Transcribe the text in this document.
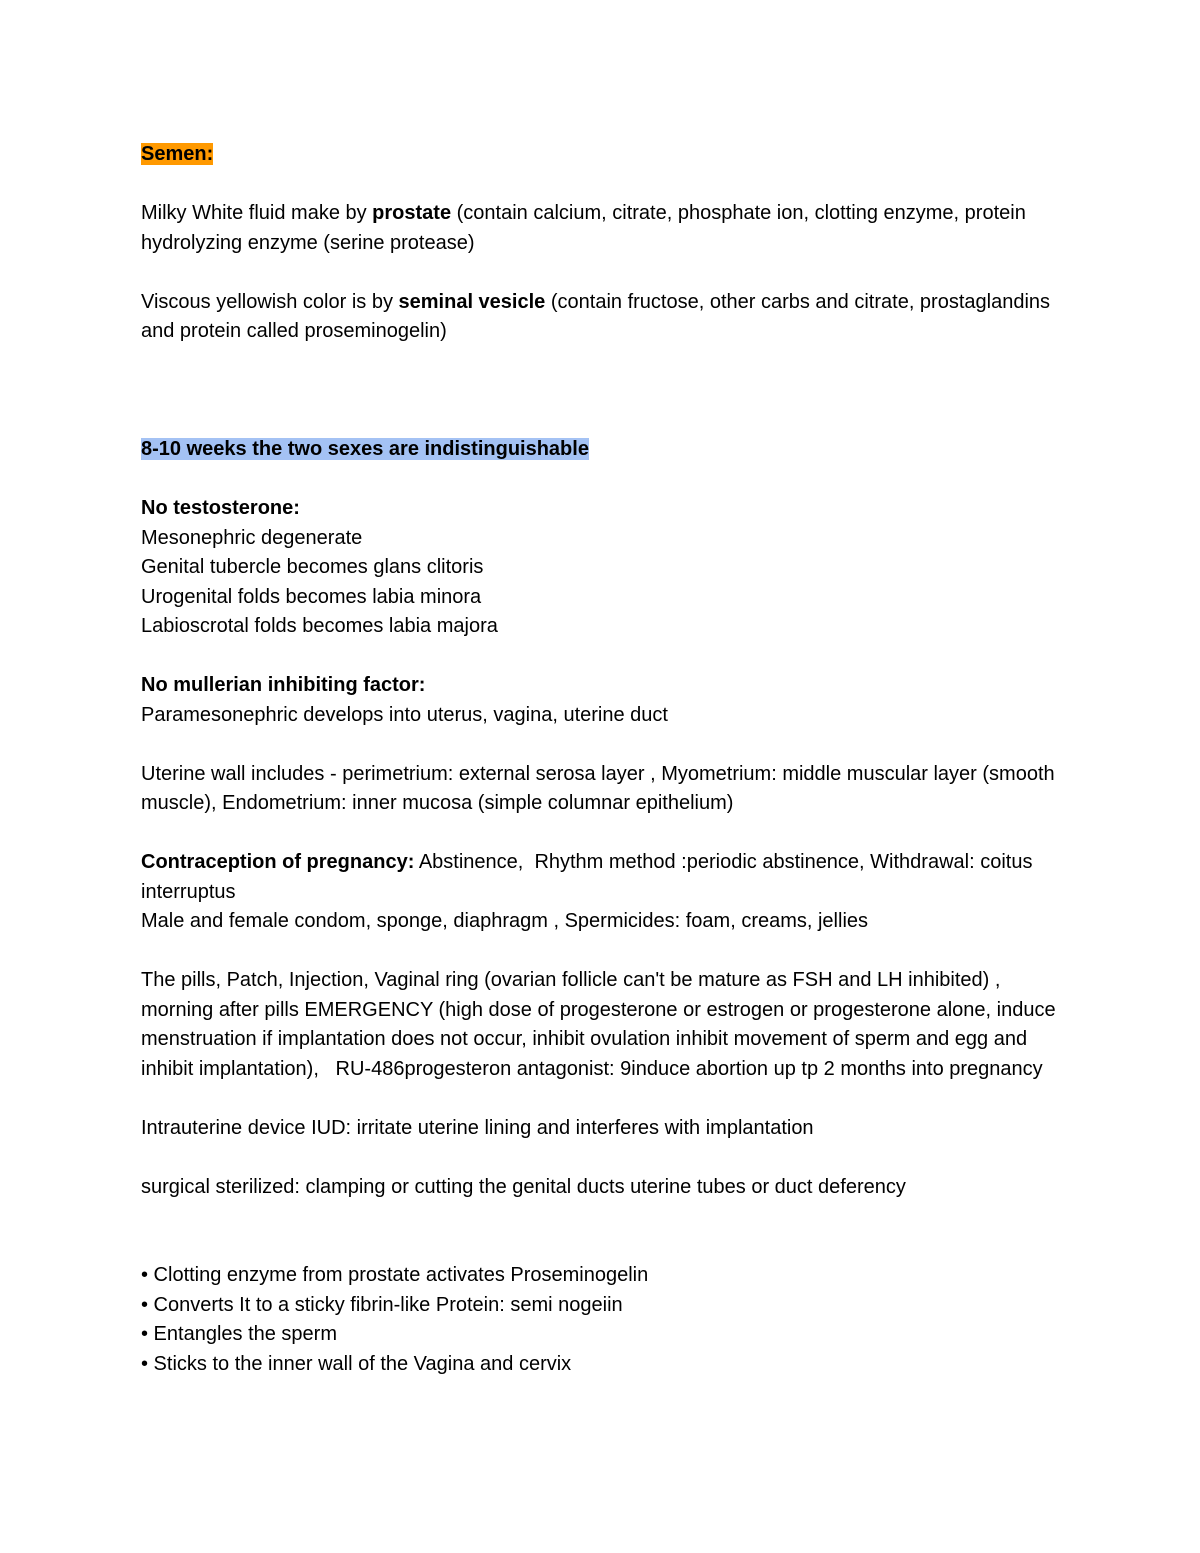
Semen:

Milky White fluid make by prostate (contain calcium, citrate, phosphate ion, clotting enzyme, protein hydrolyzing enzyme (serine protease)

Viscous yellowish color is by seminal vesicle (contain fructose, other carbs and citrate, prostaglandins and protein called proseminogelin)

8-10 weeks the two sexes are indistinguishable

No testosterone:

Mesonephric degenerate

Genital tubercle becomes glans clitoris

Urogenital folds becomes labia minora

Labioscrotal folds becomes labia majora

No mullerian inhibiting factor:

Paramesonephric develops into uterus, vagina, uterine duct

Uterine wall includes - perimetrium: external serosa layer , Myometrium: middle muscular layer (smooth muscle), Endometrium: inner mucosa (simple columnar epithelium)

Contraception of pregnancy: Abstinence,  Rhythm method :periodic abstinence, Withdrawal: coitus interruptus

Male and female condom, sponge, diaphragm , Spermicides: foam, creams, jellies

The pills, Patch, Injection, Vaginal ring (ovarian follicle can't be mature as FSH and LH inhibited) ,  morning after pills EMERGENCY (high dose of progesterone or estrogen or progesterone alone, induce menstruation if implantation does not occur, inhibit ovulation inhibit movement of sperm and egg and inhibit implantation),   RU-486progesteron antagonist: 9induce abortion up tp 2 months into pregnancy

Intrauterine device IUD: irritate uterine lining and interferes with implantation

surgical sterilized: clamping or cutting the genital ducts uterine tubes or duct deferency

• Clotting enzyme from prostate activates Proseminogelin

• Converts It to a sticky fibrin-like Protein: semi nogeiin

• Entangles the sperm

• Sticks to the inner wall of the Vagina and cervix
